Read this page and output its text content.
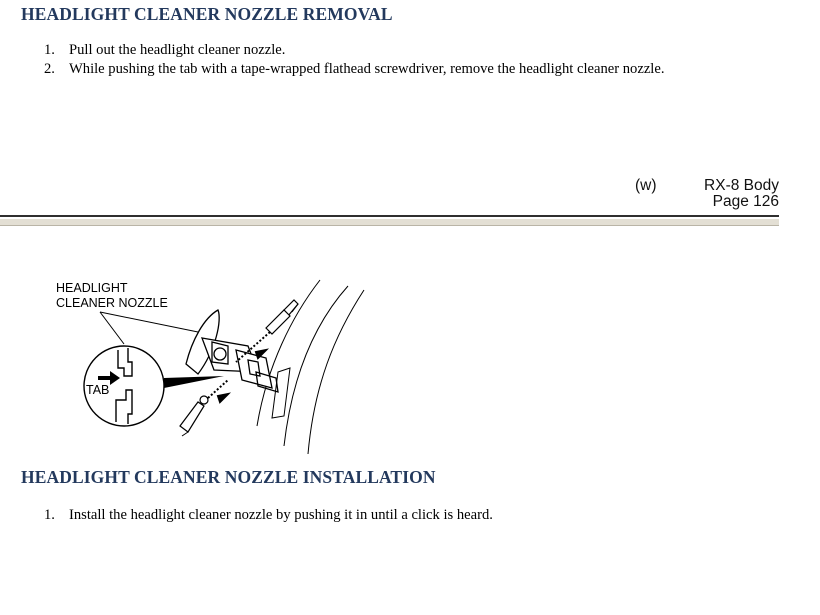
HEADLIGHT CLEANER NOZZLE REMOVAL
1. Pull out the headlight cleaner nozzle.
2. While pushing the tab with a tape-wrapped flathead screwdriver, remove the headlight cleaner nozzle.
(w)	RX-8 Body
Page 126
HEADLIGHT
CLEANER NOZZLE
TAB
HEADLIGHT CLEANER NOZZLE INSTALLATION
1. Install the headlight cleaner nozzle by pushing it in until a click is heard.
